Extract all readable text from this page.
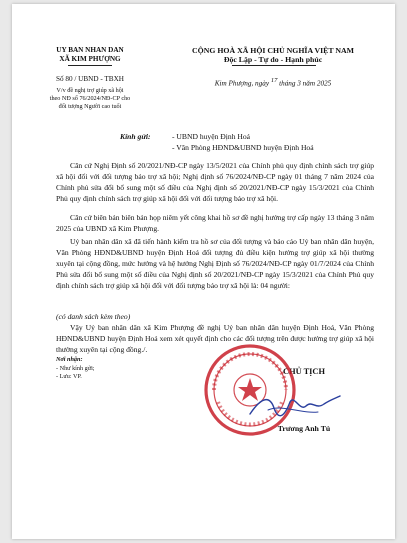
UY BAN NHAN DAN
XÃ KIM PHƯỢNG
Số 80 / UBND - TBXH
V/v đề nghị trợ giúp xã hội
theo NĐ số 76/2024/NĐ-CP cho
đối tượng Người cao tuổi
CỘNG HOÀ XÃ HỘI CHỦ NGHĨA VIỆT NAM
Độc Lập - Tự do - Hạnh phúc
Kim Phượng, ngày $^{17}$ tháng 3 năm 2025
Kính gửi:	- UBND huyện Định Hoá
- Văn Phòng HĐND&UBND huyện Định Hoá
Căn cứ Nghị Định số 20/2021/NĐ-CP ngày 13/5/2021 của Chính phủ quy định chính sách trợ giúp xã hội đối với đối tượng bảo trợ xã hội; Nghị định số 76/2024/NĐ-CP ngày 01 tháng 7 năm 2024 của Chính phủ sửa đổi bổ sung một số điều của Nghị định số 20/2021/NĐ-CP ngày 15/3/2021 của Chính Phủ quy định chính sách trợ giúp xã hội đối với đối tượng bảo trợ xã hội.
Căn cứ biên bản biên bản họp niêm yết công khai hồ sơ đề nghị hưởng trợ cấp ngày 13 tháng 3 năm 2025 của UBND xã Kim Phượng.
Uỷ ban nhân dân xã đã tiến hành kiểm tra hồ sơ của đối tượng và báo cáo Uỷ ban nhân dân huyện, Văn Phòng HĐND&UBND huyện Định Hoá đối tượng đủ điều kiện hưởng trợ giúp xã hội thường xuyên tại cộng đồng, mức hưởng và hệ hưởng Nghị Định số 76/2024/NĐ-CP ngày 01/7/2024 của Chính Phủ sửa đổi bổ sung một số điều của Nghị định số 20/2021/NĐ-CP ngày 15/3/2021 của Chính Phủ quy định chính sách trợ giúp xã hội đối với đối tượng bảo trợ xã hội là: 04 người:
(có danh sách kèm theo)
Vậy Uỷ ban nhân dân xã Kim Phượng đề nghị Uỷ ban nhân dân huyện Định Hoá, Văn Phòng HĐND&UBND huyện Định Hoá xem xét quyết định cho các đối tượng trên được hưởng trợ giúp xã hội thường xuyên tại cộng đồng./.
Nơi nhận:
- Như kính gửi;
- Lưu: VP.
CHỦ TỊCH
Trương Anh Tú
